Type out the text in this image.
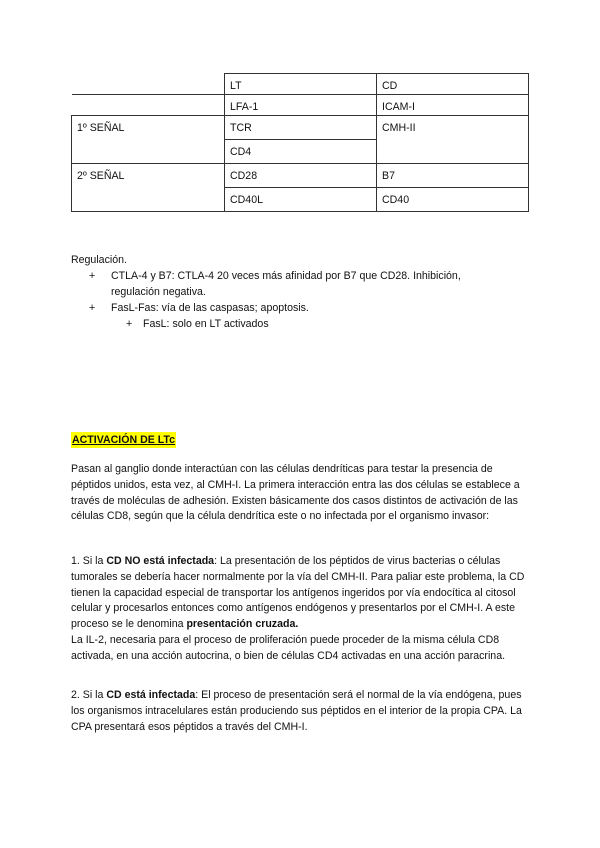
	LT	CD
	LFA-1	ICAM-I
1º SEÑAL	TCR	CMH-II
	CD4	
2º SEÑAL	CD28	B7
	CD40L	CD40
Regulación.
+	CTLA-4 y B7: CTLA-4 20 veces más afinidad por B7 que CD28. Inhibición,
regulación negativa.
+	FasL-Fas: vía de las caspasas; apoptosis.
+	FasL: solo en LT activados
ACTIVACIÓN DE LTc

Pasan al ganglio donde interactúan con las células dendríticas para testar la presencia de péptidos unidos, esta vez, al CMH-I. La primera interacción entra las dos células se establece a través de moléculas de adhesión. Existen básicamente dos casos distintos de activación de las células CD8, según que la célula dendrítica este o no infectada por el organismo invasor:

1. Si la CD NO está infectada: La presentación de los péptidos de virus bacterias o células tumorales se debería hacer normalmente por la vía del CMH-II. Para paliar este problema, la CD tienen la capacidad especial de transportar los antígenos ingeridos por vía endocítica al citosol celular y procesarlos entonces como antígenos endógenos y presentarlos por el CMH-I. A este proceso se le denomina presentación cruzada.

La IL-2, necesaria para el proceso de proliferación puede proceder de la misma célula CD8 activada, en una acción autocrina, o bien de células CD4 activadas en una acción paracrina.

2. Si la CD está infectada: El proceso de presentación será el normal de la vía endógena, pues los organismos intracelulares están produciendo sus péptidos en el interior de la propia CPA. La CPA presentará esos péptidos a través del CMH-I.
